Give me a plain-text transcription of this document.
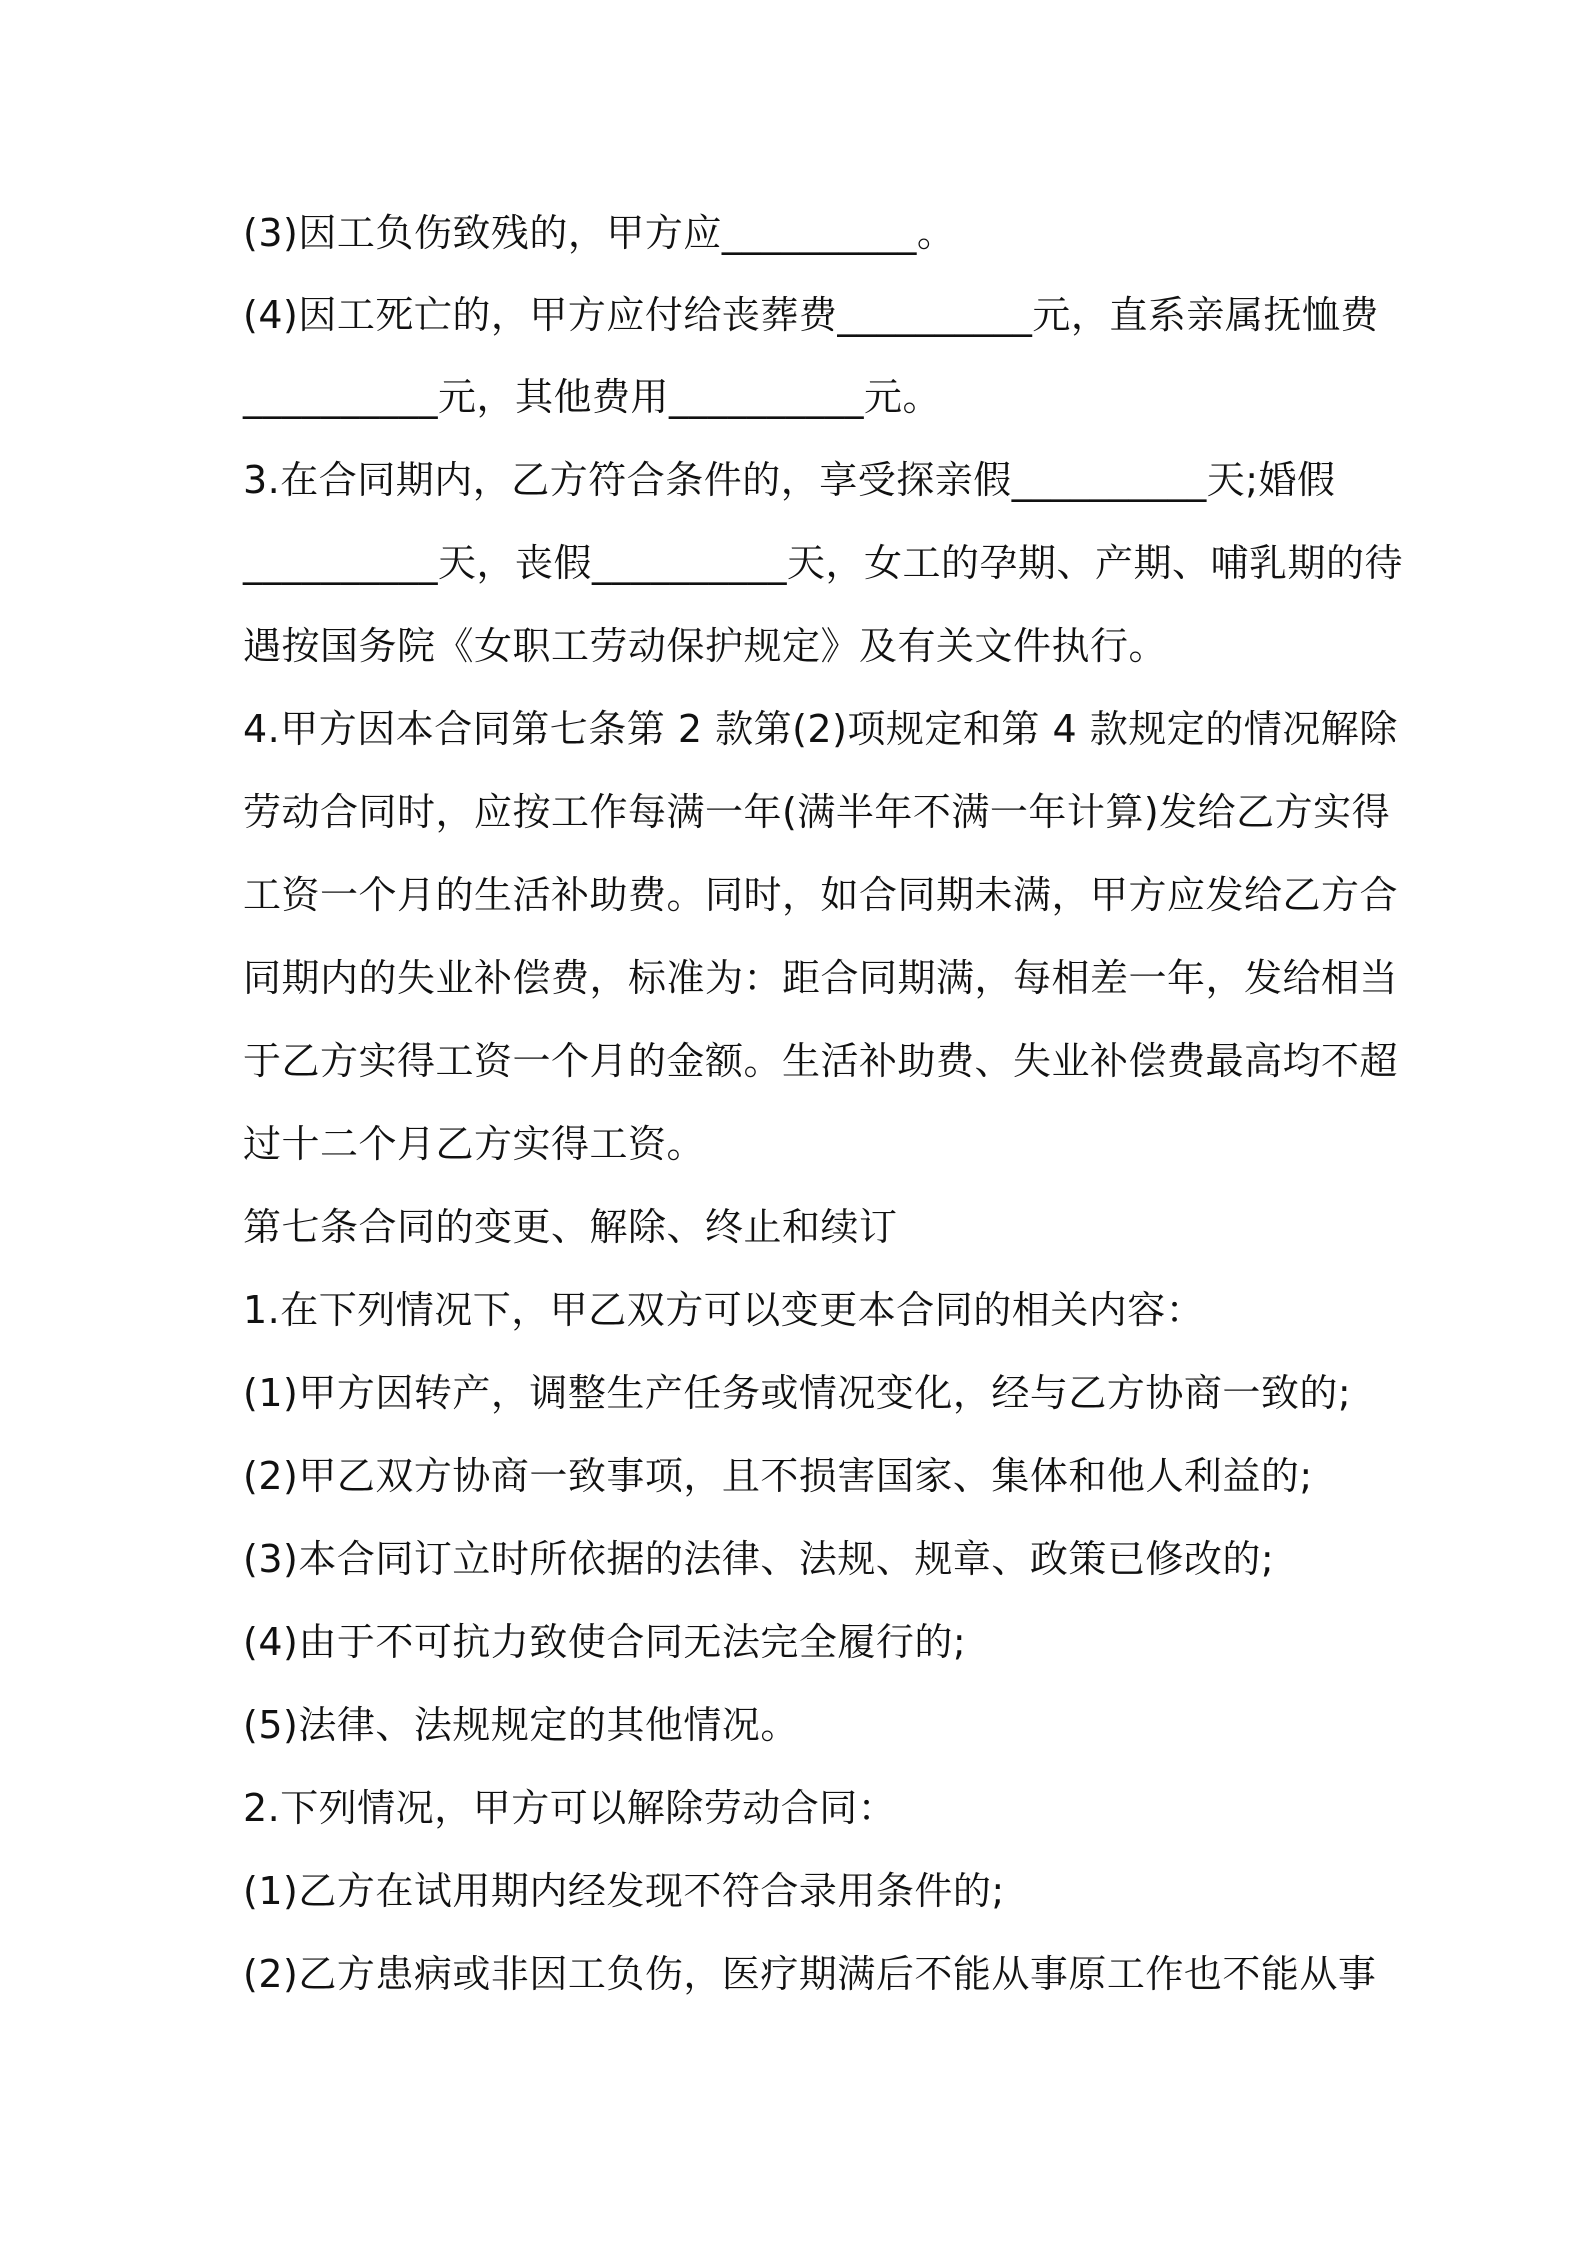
(3)因工负伤致残的，甲方应__________。
(4)因工死亡的，甲方应付给丧葬费__________元，直系亲属抚恤费
__________元，其他费用__________元。
3.在合同期内，乙方符合条件的，享受探亲假__________天;婚假
__________天，丧假__________天，女工的孕期、产期、哺乳期的待
遇按国务院《女职工劳动保护规定》及有关文件执行。
4.甲方因本合同第七条第 2 款第(2)项规定和第 4 款规定的情况解除
劳动合同时，应按工作每满一年(满半年不满一年计算)发给乙方实得
工资一个月的生活补助费。同时，如合同期未满，甲方应发给乙方合
同期内的失业补偿费，标准为：距合同期满，每相差一年，发给相当
于乙方实得工资一个月的金额。生活补助费、失业补偿费最高均不超
过十二个月乙方实得工资。
第七条合同的变更、解除、终止和续订
1.在下列情况下，甲乙双方可以变更本合同的相关内容：
(1)甲方因转产，调整生产任务或情况变化，经与乙方协商一致的;
(2)甲乙双方协商一致事项，且不损害国家、集体和他人利益的;
(3)本合同订立时所依据的法律、法规、规章、政策已修改的;
(4)由于不可抗力致使合同无法完全履行的;
(5)法律、法规规定的其他情况。
2.下列情况，甲方可以解除劳动合同：
(1)乙方在试用期内经发现不符合录用条件的;
(2)乙方患病或非因工负伤，医疗期满后不能从事原工作也不能从事
